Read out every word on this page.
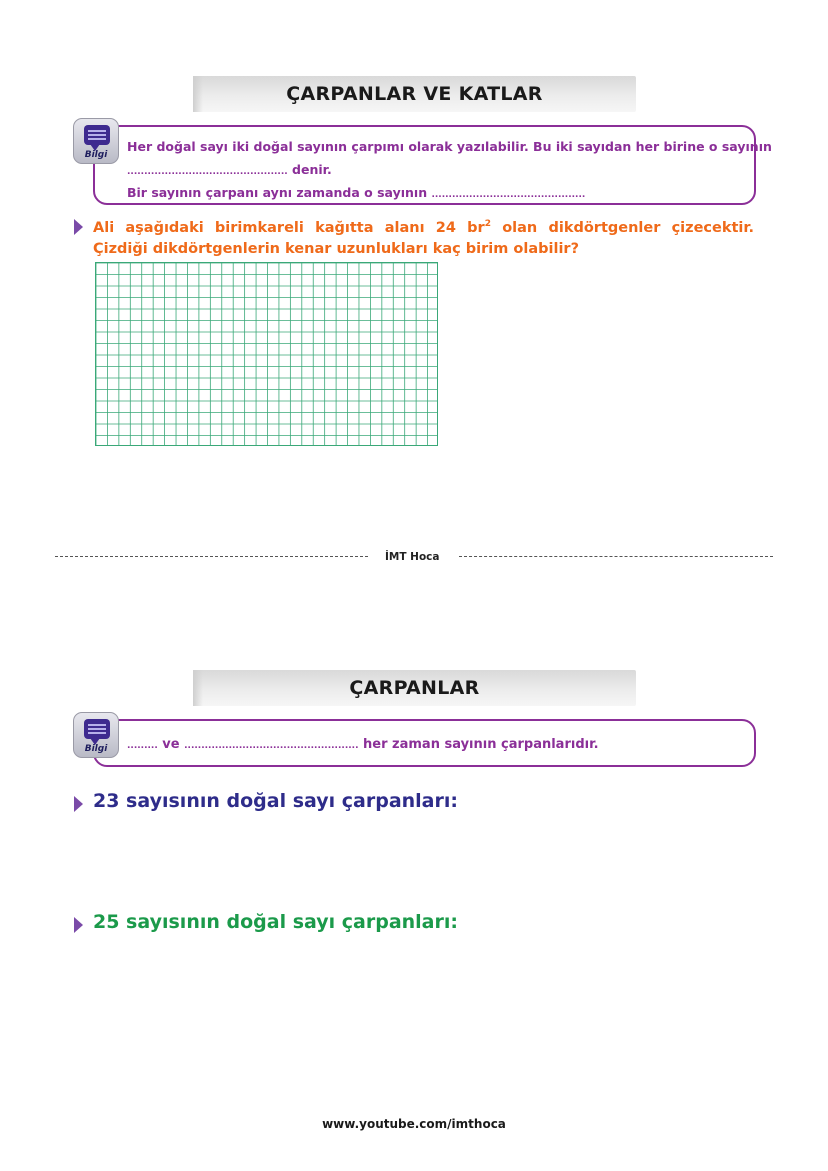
ÇARPANLAR VE KATLAR
Her doğal sayı iki doğal sayının çarpımı olarak yazılabilir. Bu iki sayıdan her birine o sayının
............................................... denir.
Bir sayının çarpanı aynı zamanda o sayının .............................................
Bilgi
Ali aşağıdaki birimkareli kağıtta alanı 24 $br^2$ olan dikdörtgenler çizecektir. Çizdiği dikdörtgenlerin kenar uzunlukları kaç birim olabilir?
İMT Hoca
ÇARPANLAR
......... ve ................................................... her zaman sayının çarpanlarıdır.
Bilgi
23 sayısının doğal sayı çarpanları:
25 sayısının doğal sayı çarpanları:
www.youtube.com/imthoca
